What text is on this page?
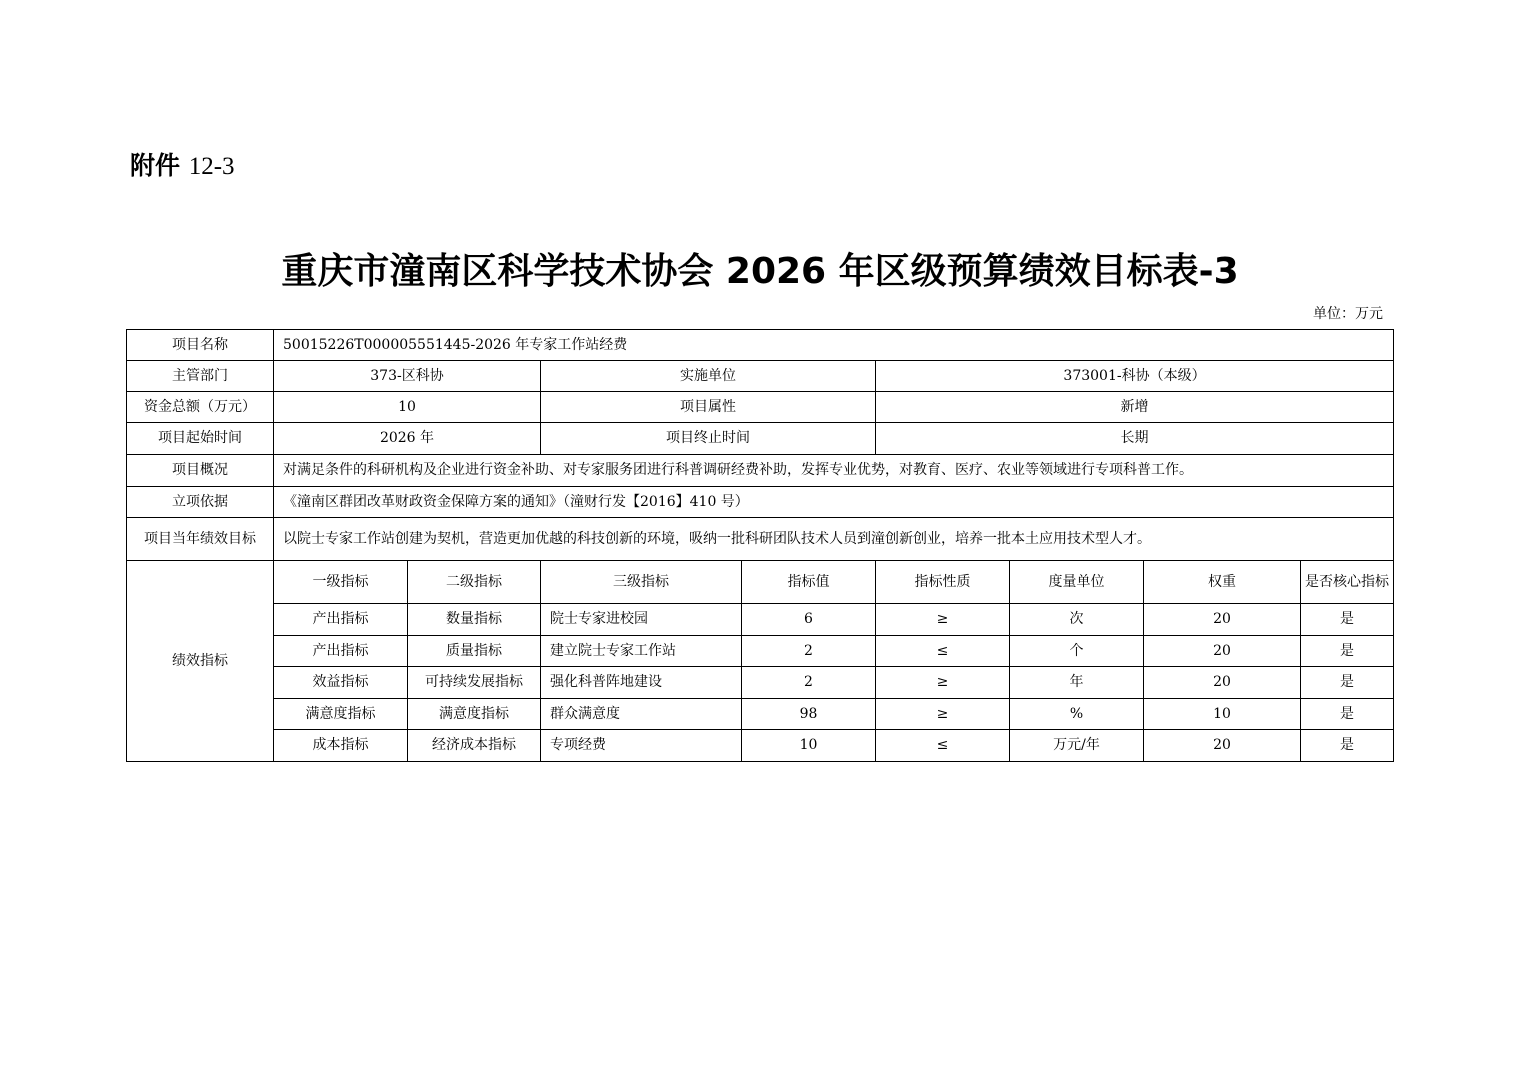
附件 12-3
重庆市潼南区科学技术协会 2026 年区级预算绩效目标表-3
单位：万元
项目名称	50015226T000005551445-2026 年专家工作站经费							
主管部门	373-区科协		实施单位		373001-科协（本级）			
资金总额（万元）	10		项目属性		新增			
项目起始时间	2026 年		项目终止时间		长期			
项目概况	对满足条件的科研机构及企业进行资金补助、对专家服务团进行科普调研经费补助，发挥专业优势，对教育、医疗、农业等领域进行专项科普工作。							
立项依据	《潼南区群团改革财政资金保障方案的通知》（潼财行发【2016】410 号）							
项目当年绩效目标	以院士专家工作站创建为契机，营造更加优越的科技创新的环境，吸纳一批科研团队技术人员到潼创新创业，培养一批本土应用技术型人才。							
绩效指标	一级指标	二级指标	三级指标	指标值	指标性质	度量单位	权重	是否核心指标
	产出指标	数量指标	院士专家进校园	6	≥	次	20	是
	产出指标	质量指标	建立院士专家工作站	2	≤	个	20	是
	效益指标	可持续发展指标	强化科普阵地建设	2	≥	年	20	是
	满意度指标	满意度指标	群众满意度	98	≥	%	10	是
	成本指标	经济成本指标	专项经费	10	≤	万元/年	20	是
